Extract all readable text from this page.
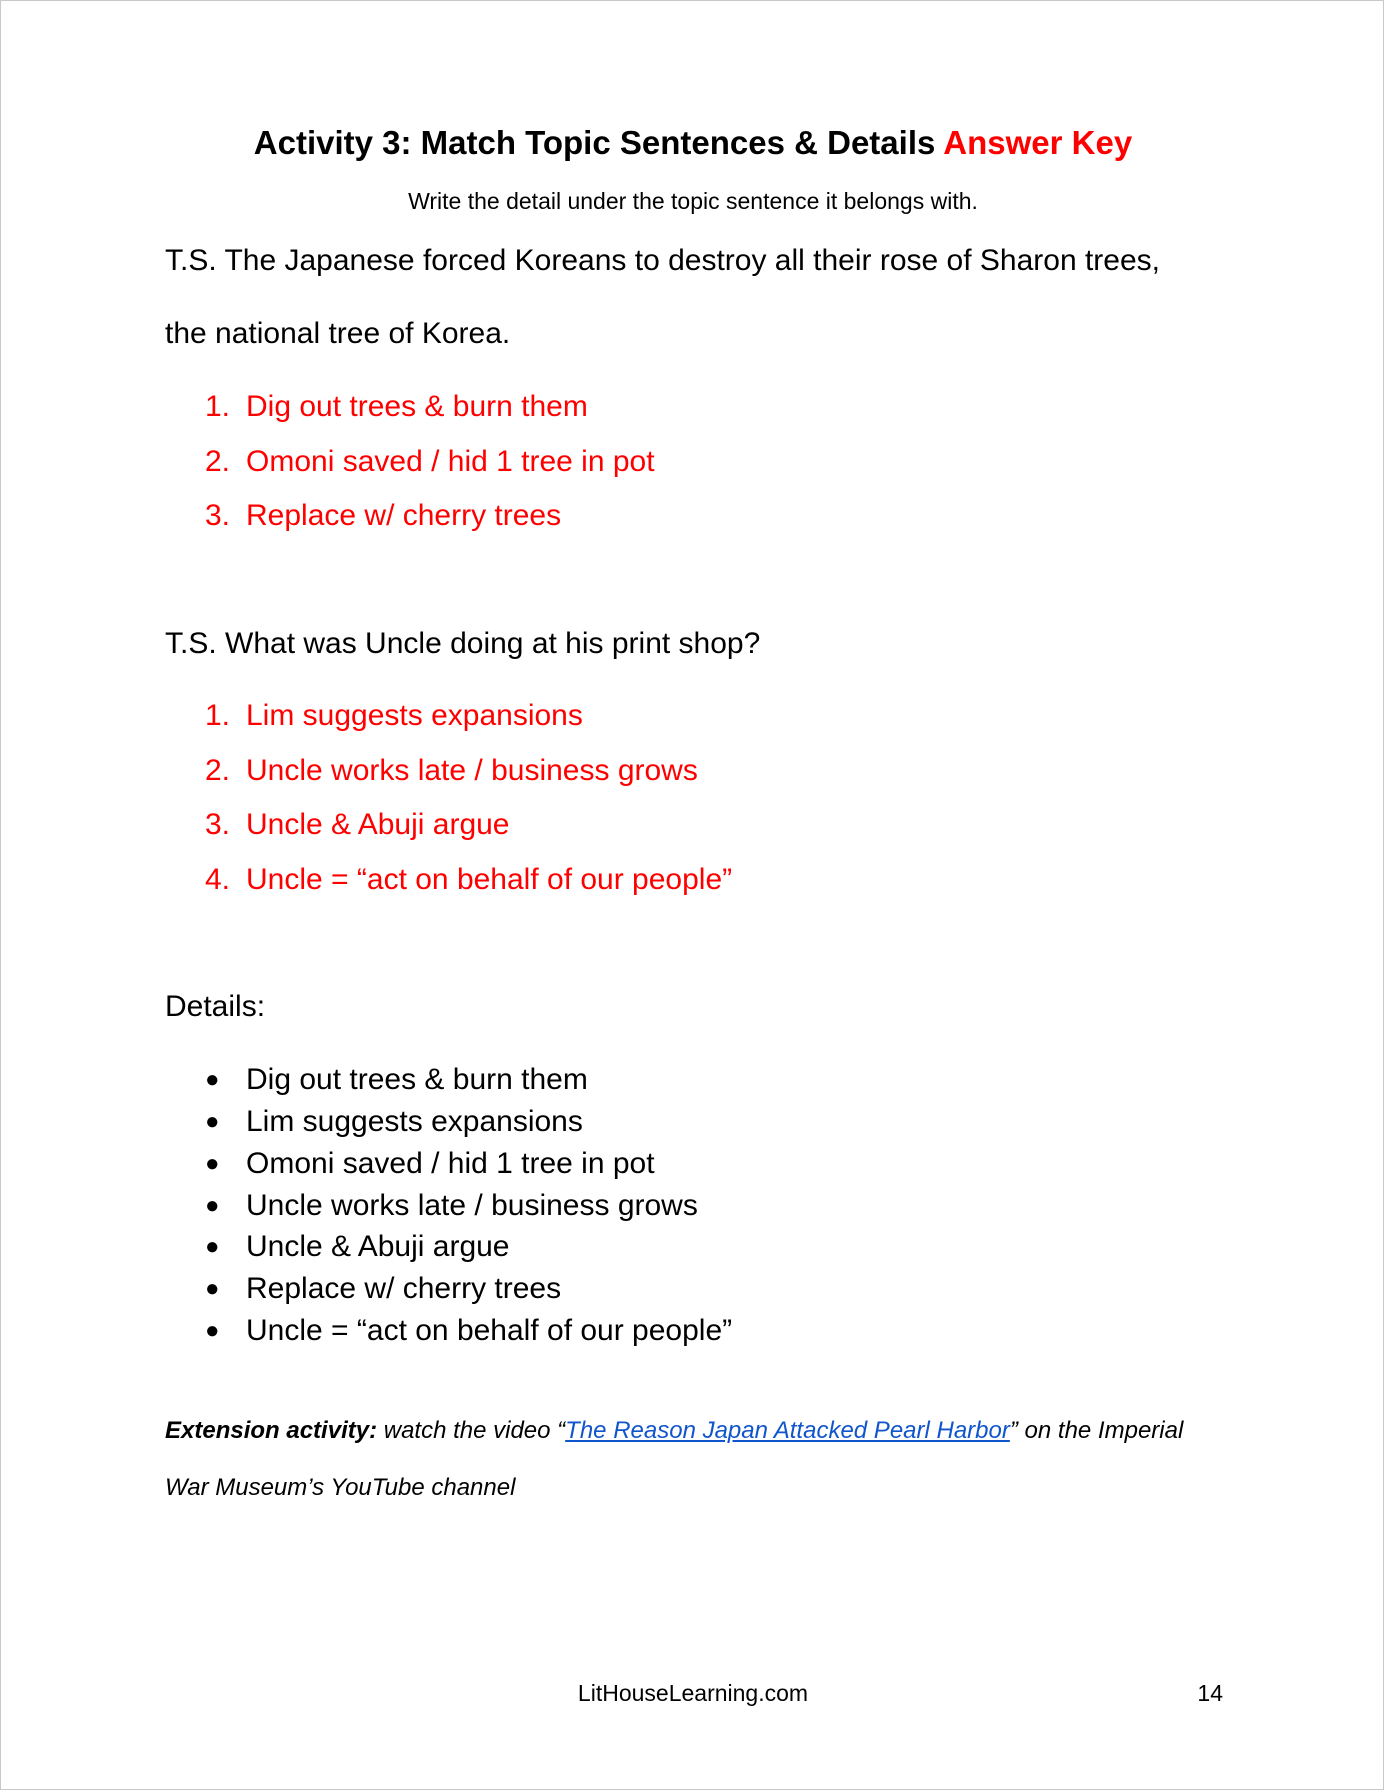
Activity 3: Match Topic Sentences & Details Answer Key
Write the detail under the topic sentence it belongs with.
T.S. The Japanese forced Koreans to destroy all their rose of Sharon trees,
the national tree of Korea.
1. Dig out trees & burn them
2. Omoni saved / hid 1 tree in pot
3. Replace w/ cherry trees
T.S. What was Uncle doing at his print shop?
1. Lim suggests expansions
2. Uncle works late / business grows
3. Uncle & Abuji argue
4. Uncle = “act on behalf of our people”
Details:
● Dig out trees & burn them
● Lim suggests expansions
● Omoni saved / hid 1 tree in pot
● Uncle works late / business grows
● Uncle & Abuji argue
● Replace w/ cherry trees
● Uncle = “act on behalf of our people”
Extension activity: watch the video “The Reason Japan Attacked Pearl Harbor” on the Imperial
War Museum’s YouTube channel
LitHouseLearning.com	14
